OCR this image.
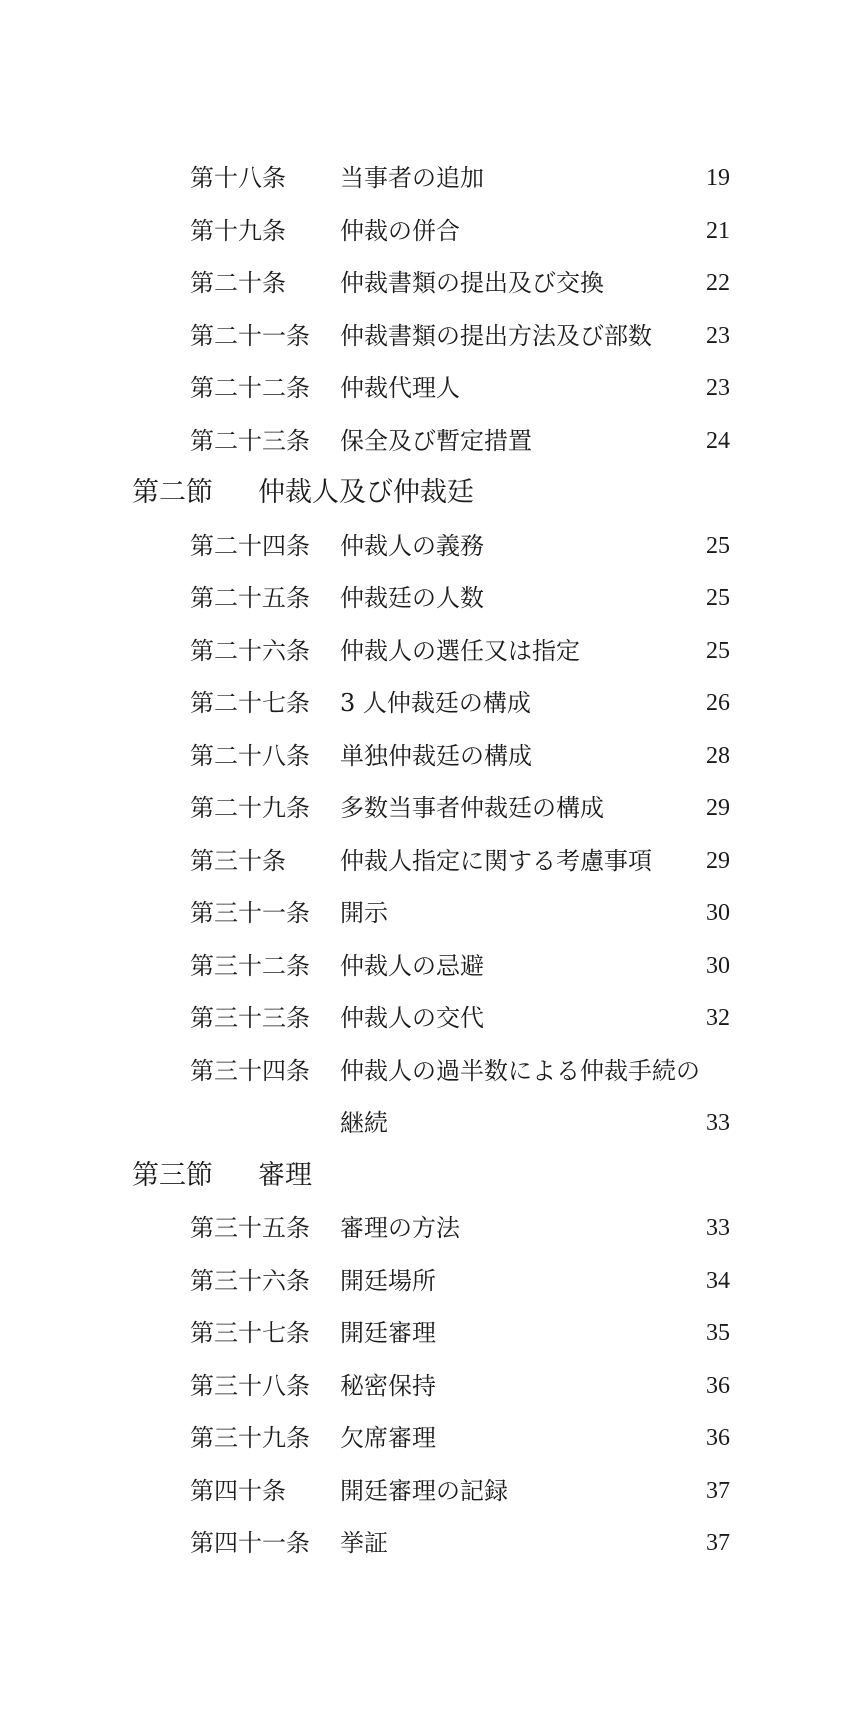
第十八条 当事者の追加	19
第十九条 仲裁の併合	21
第二十条 仲裁書類の提出及び交換	22
第二十一条 仲裁書類の提出方法及び部数 23
第二十二条 仲裁代理人	23
第二十三条 保全及び暫定措置	24
第二節 仲裁人及び仲裁廷
第二十四条 仲裁人の義務	25
第二十五条 仲裁廷の人数	25
第二十六条 仲裁人の選任又は指定	25
第二十七条 3 人仲裁廷の構成	26
第二十八条 単独仲裁廷の構成	28
第二十九条 多数当事者仲裁廷の構成	29
第三十条 仲裁人指定に関する考慮事項 29
第三十一条 開示	30
第三十二条 仲裁人の忌避	30
第三十三条 仲裁人の交代	32
第三十四条 仲裁人の過半数による仲裁手続の
継続	33
第三節 審理
第三十五条 審理の方法	33
第三十六条 開廷場所	34
第三十七条 開廷審理	35
第三十八条 秘密保持	36
第三十九条 欠席審理	36
第四十条 開廷審理の記録	37
第四十一条 挙証	37
